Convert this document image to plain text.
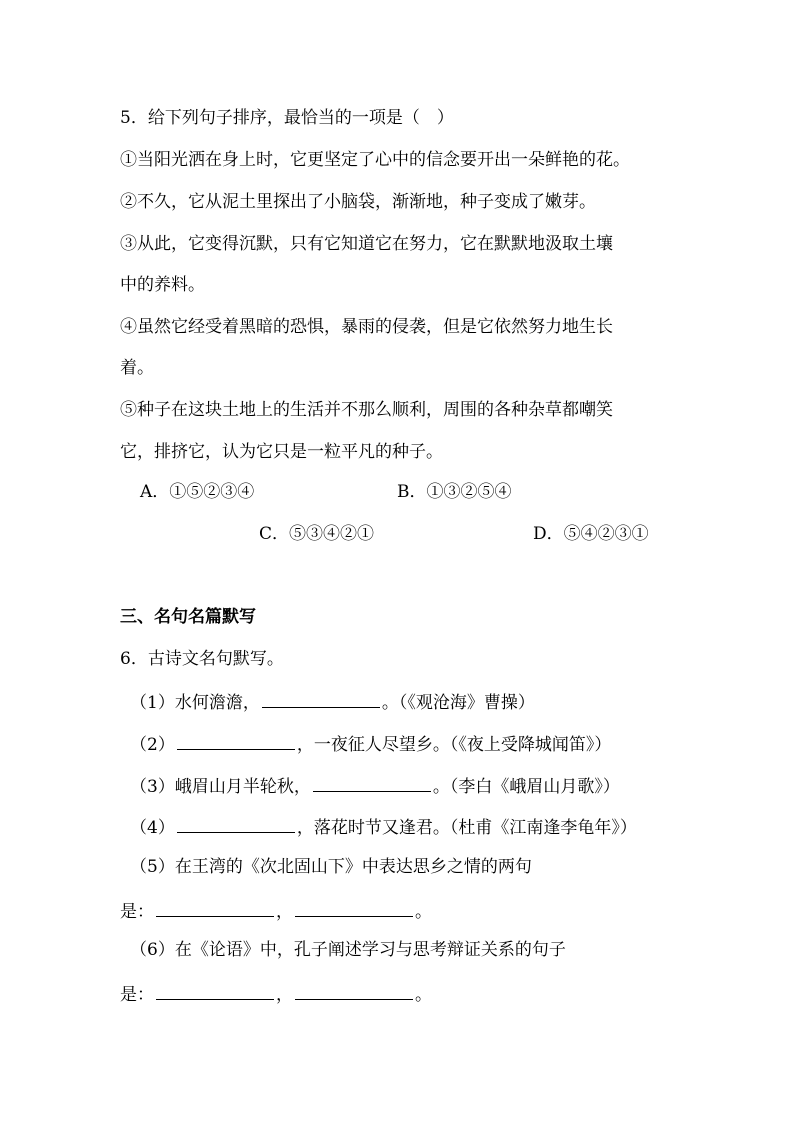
5．给下列句子排序，最恰当的一项是（　）
①当阳光洒在身上时，它更坚定了心中的信念要开出一朵鲜艳的花。
②不久，它从泥土里探出了小脑袋，渐渐地，种子变成了嫩芽。
③从此，它变得沉默，只有它知道它在努力，它在默默地汲取土壤
中的养料。
④虽然它经受着黑暗的恐惧，暴雨的侵袭，但是它依然努力地生长
着。
⑤种子在这块土地上的生活并不那么顺利，周围的各种杂草都嘲笑
它，排挤它，认为它只是一粒平凡的种子。
A．①⑤②③④	B．①③②⑤④
C．⑤③④②①	D．⑤④②③①
三、名句名篇默写
6．古诗文名句默写。
（1）水何澹澹，	。（《观沧海》曹操）
（2）	，一夜征人尽望乡。（《夜上受降城闻笛》）
（3）峨眉山月半轮秋，	。（李白《峨眉山月歌》）
（4）	，落花时节又逢君。（杜甫《江南逢李龟年》）
（5）在王湾的《次北固山下》中表达思乡之情的两句
是：	，	。
（6）在《论语》中，孔子阐述学习与思考辩证关系的句子
是：	，	。
